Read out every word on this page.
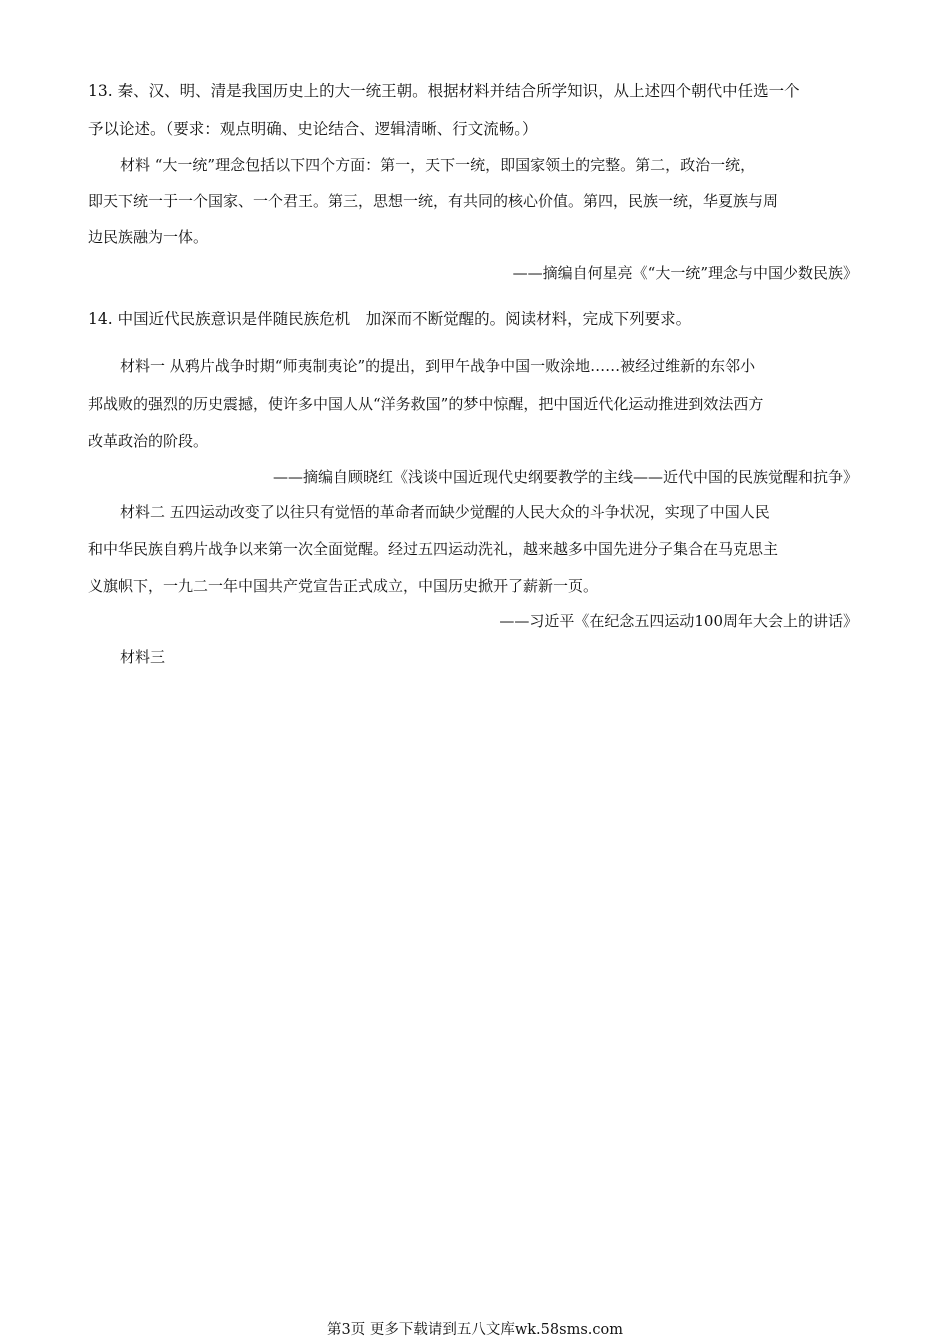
13. 秦、汉、明、清是我国历史上的大一统王朝。根据材料并结合所学知识，从上述四个朝代中任选一个
予以论述。（要求：观点明确、史论结合、逻辑清晰、行文流畅。）
材料 “大一统”理念包括以下四个方面：第一，天下一统，即国家领土的完整。第二，政治一统，
即天下统一于一个国家、一个君王。第三，思想一统，有共同的核心价值。第四，民族一统，华夏族与周
边民族融为一体。
——摘编自何星亮《“大一统”理念与中国少数民族》
14. 中国近代民族意识是伴随民族危机　加深而不断觉醒的。阅读材料，完成下列要求。
材料一 从鸦片战争时期“师夷制夷论”的提出，到甲午战争中国一败涂地……被经过维新的东邻小
邦战败的强烈的历史震撼，使许多中国人从“洋务救国”的梦中惊醒，把中国近代化运动推进到效法西方
改革政治的阶段。
——摘编自顾晓红《浅谈中国近现代史纲要教学的主线——近代中国的民族觉醒和抗争》
材料二 五四运动改变了以往只有觉悟的革命者而缺少觉醒的人民大众的斗争状况，实现了中国人民
和中华民族自鸦片战争以来第一次全面觉醒。经过五四运动洗礼，越来越多中国先进分子集合在马克思主
义旗帜下，一九二一年中国共产党宣告正式成立，中国历史掀开了薪新一页。
——习近平《在纪念五四运动100周年大会上的讲话》
材料三
第3页 更多下载请到五八文库wk.58sms.com
